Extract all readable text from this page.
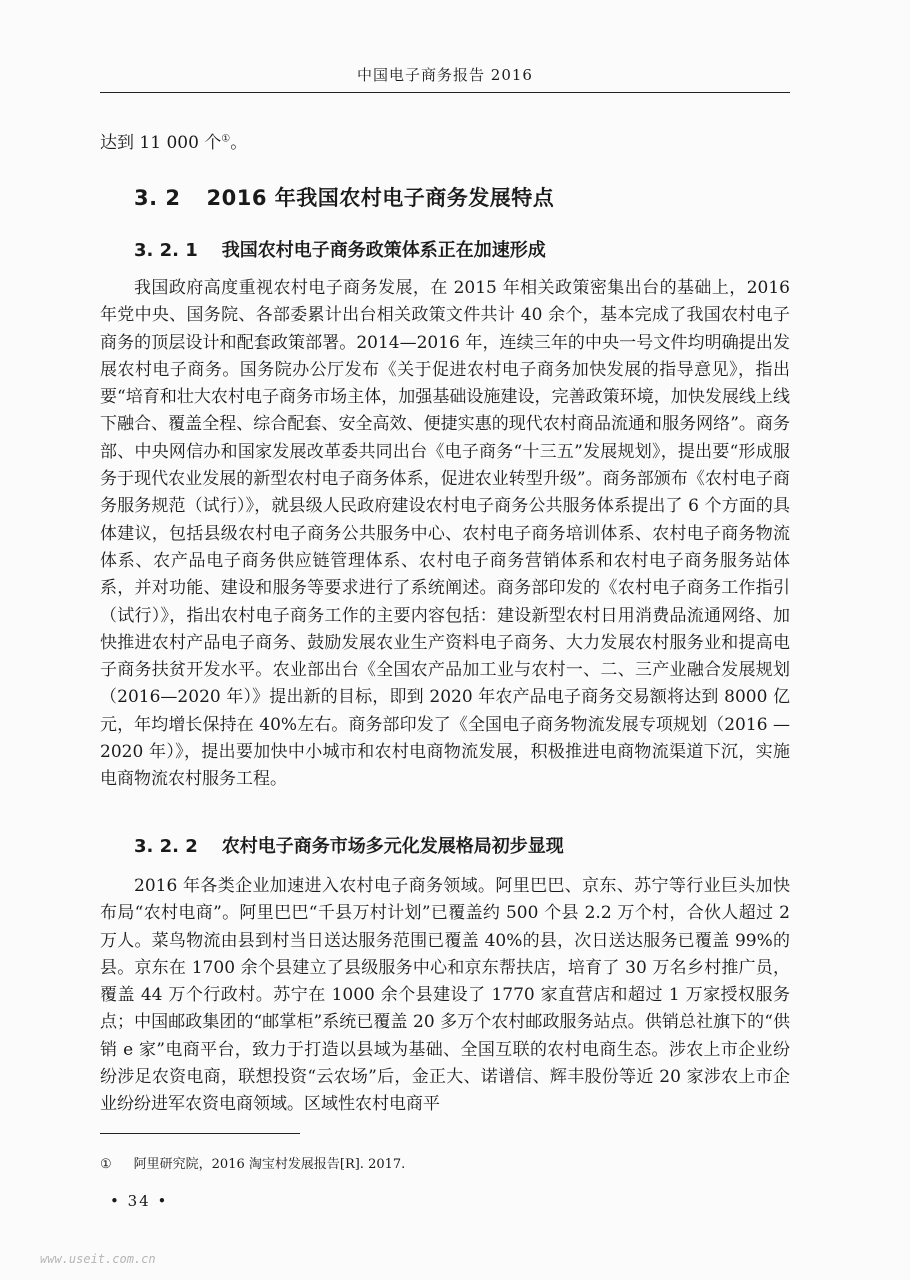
中国电子商务报告 2016
达到 11 000 个①。
3. 2 2016 年我国农村电子商务发展特点
3. 2. 1 我国农村电子商务政策体系正在加速形成

我国政府高度重视农村电子商务发展，在 2015 年相关政策密集出台的基础上，2016 年党中央、国务院、各部委累计出台相关政策文件共计 40 余个，基本完成了我国农村电子商务的顶层设计和配套政策部署。2014—2016 年，连续三年的中央一号文件均明确提出发展农村电子商务。国务院办公厅发布《关于促进农村电子商务加快发展的指导意见》，指出要“培育和壮大农村电子商务市场主体，加强基础设施建设，完善政策环境，加快发展线上线下融合、覆盖全程、综合配套、安全高效、便捷实惠的现代农村商品流通和服务网络”。商务部、中央网信办和国家发展改革委共同出台《电子商务“十三五”发展规划》，提出要“形成服务于现代农业发展的新型农村电子商务体系，促进农业转型升级”。商务部颁布《农村电子商务服务规范（试行）》，就县级人民政府建设农村电子商务公共服务体系提出了 6 个方面的具体建议，包括县级农村电子商务公共服务中心、农村电子商务培训体系、农村电子商务物流体系、农产品电子商务供应链管理体系、农村电子商务营销体系和农村电子商务服务站体系，并对功能、建设和服务等要求进行了系统阐述。商务部印发的《农村电子商务工作指引（试行）》，指出农村电子商务工作的主要内容包括：建设新型农村日用消费品流通网络、加快推进农村产品电子商务、鼓励发展农业生产资料电子商务、大力发展农村服务业和提高电子商务扶贫开发水平。农业部出台《全国农产品加工业与农村一、二、三产业融合发展规划（2016—2020 年）》提出新的目标，即到 2020 年农产品电子商务交易额将达到 8000 亿元，年均增长保持在 40%左右。商务部印发了《全国电子商务物流发展专项规划（2016 — 2020 年）》，提出要加快中小城市和农村电商物流发展，积极推进电商物流渠道下沉，实施电商物流农村服务工程。

3. 2. 2 农村电子商务市场多元化发展格局初步显现

2016 年各类企业加速进入农村电子商务领域。阿里巴巴、京东、苏宁等行业巨头加快布局“农村电商”。阿里巴巴“千县万村计划”已覆盖约 500 个县 2.2 万个村，合伙人超过 2 万人。菜鸟物流由县到村当日送达服务范围已覆盖 40%的县，次日送达服务已覆盖 99%的县。京东在 1700 余个县建立了县级服务中心和京东帮扶店，培育了 30 万名乡村推广员，覆盖 44 万个行政村。苏宁在 1000 余个县建设了 1770 家直营店和超过 1 万家授权服务点；中国邮政集团的“邮掌柜”系统已覆盖 20 多万个农村邮政服务站点。供销总社旗下的“供销 e 家”电商平台，致力于打造以县域为基础、全国互联的农村电商生态。涉农上市企业纷纷涉足农资电商，联想投资“云农场”后，金正大、诺谱信、辉丰股份等近 20 家涉农上市企业纷纷进军农资电商领域。区域性农村电商平

① 阿里研究院，2016 淘宝村发展报告[R]. 2017.
• 34 •
www.useit.com.cn
